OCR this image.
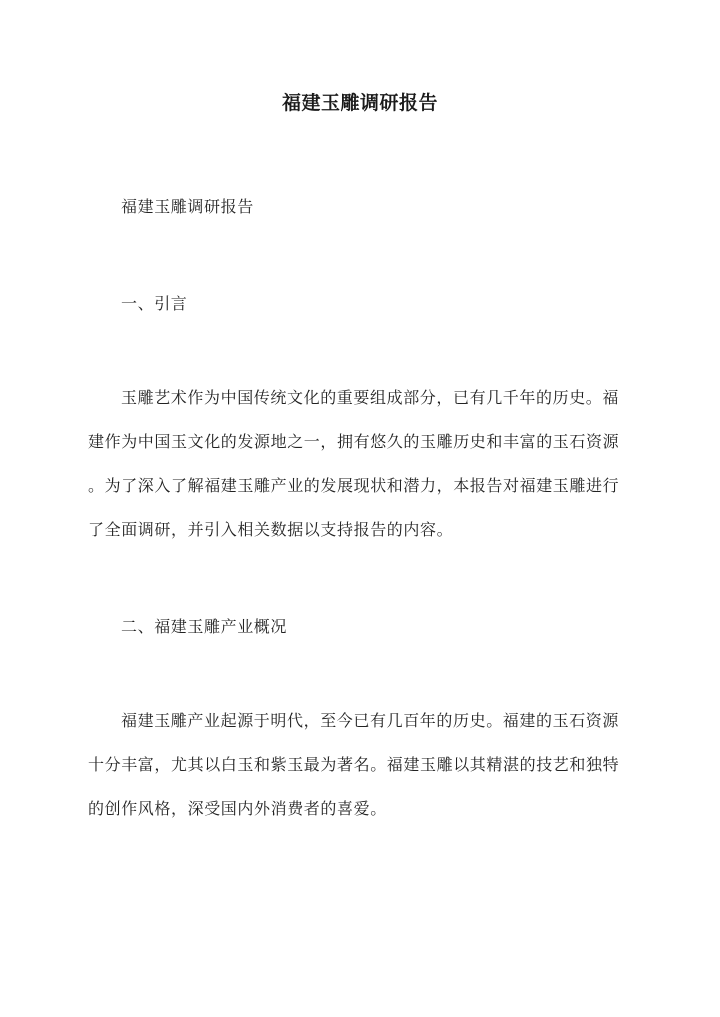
福建玉雕调研报告
福建玉雕调研报告
一、引言
玉雕艺术作为中国传统文化的重要组成部分，已有几千年的历史。福
建作为中国玉文化的发源地之一，拥有悠久的玉雕历史和丰富的玉石资源
。为了深入了解福建玉雕产业的发展现状和潜力，本报告对福建玉雕进行
了全面调研，并引入相关数据以支持报告的内容。
二、福建玉雕产业概况
福建玉雕产业起源于明代，至今已有几百年的历史。福建的玉石资源
十分丰富，尤其以白玉和紫玉最为著名。福建玉雕以其精湛的技艺和独特
的创作风格，深受国内外消费者的喜爱。
